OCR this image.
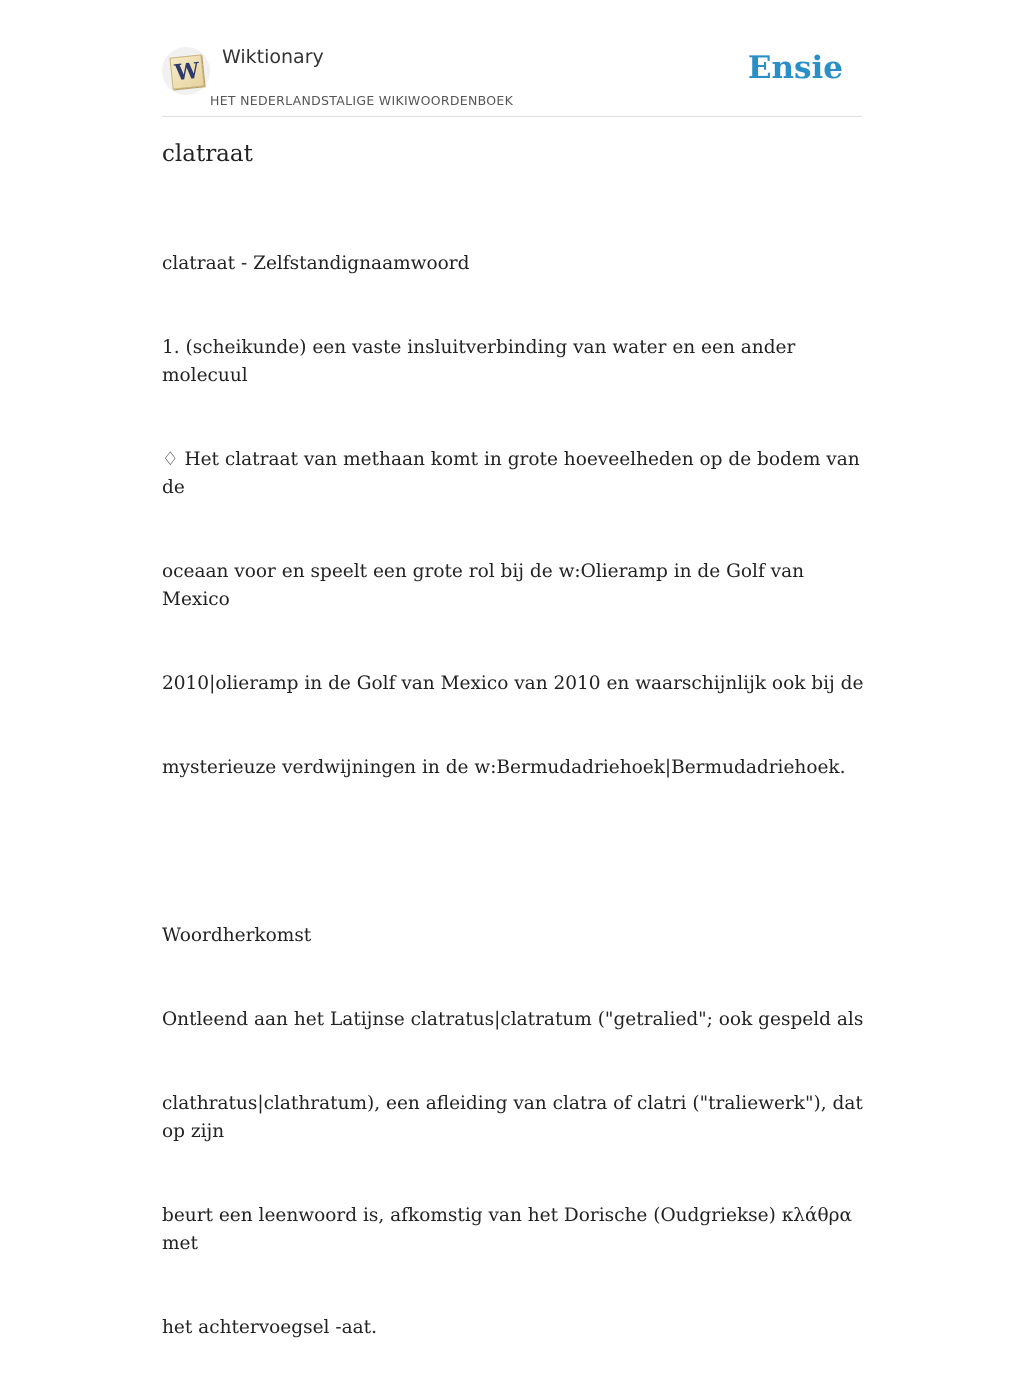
W
Wiktionary
HET NEDERLANDSTALIGE WIKIWOORDENBOEK
Ensie
clatraat

clatraat - Zelfstandignaamwoord

1. (scheikunde) een vaste insluitverbinding van water en een ander molecuul

♢ Het clatraat van methaan komt in grote hoeveelheden op de bodem van de

oceaan voor en speelt een grote rol bij de w:Olieramp in de Golf van Mexico

2010|olieramp in de Golf van Mexico van 2010 en waarschijnlijk ook bij de

mysterieuze verdwijningen in de w:Bermudadriehoek|Bermudadriehoek.

Woordherkomst

Ontleend aan het Latijnse clatratus|clatratum ("getralied"; ook gespeld als

clathratus|clathratum), een afleiding van clatra of clatri ("traliewerk"), dat op zijn

beurt een leenwoord is, afkomstig van het Dorische (Oudgriekse) κλάθρα met

het achtervoegsel -aat.
